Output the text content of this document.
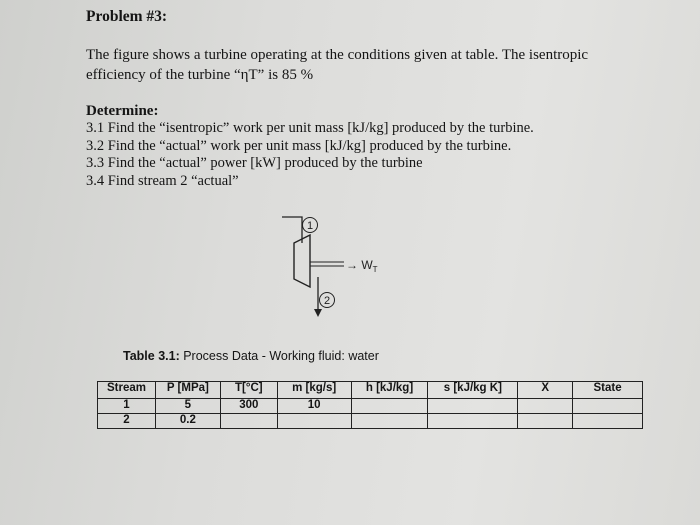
Problem #3:
The figure shows a turbine operating at the conditions given at table. The isentropic
efficiency of the turbine “ηT” is 85 %
Determine:
3.1 Find the “isentropic” work per unit mass [kJ/kg] produced by the turbine.
3.2 Find the “actual” work per unit mass [kJ/kg] produced by the turbine.
3.3 Find the “actual” power [kW] produced by the turbine
3.4 Find stream 2 “actual”
1
→ $W_T$
2
Table 3.1: Process Data - Working fluid: water
Stream	P [MPa]	T[°C]	m [kg/s]	h [kJ/kg]	s [kJ/kg K]	X	State
1	5	300	10				
2	0.2						
